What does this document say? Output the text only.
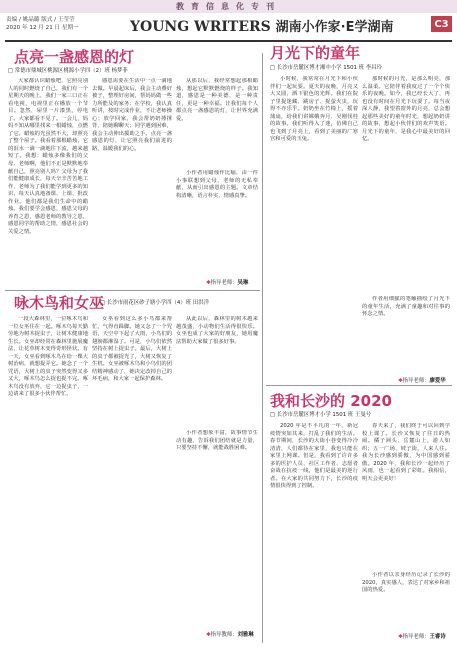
教育信息化专刊
责编 / 姚晶璐 版式 / 王莹莹
2020 年 12 月 21 日 星期一	YOUNG WRITERS 湖南小作家·E学湖南	C3
点亮一盏感恩的灯
□ 常德市鼎城区桃源区桃源小学四（2）班 杨梦菲
大家都认识蜡烛吧，它照亮别人的同时燃烧了自己，我们有一个星期天的晚上，我们一家三口正在看电视，电视里正在播放一个节目。忽然，屋里一片漆黑，停电了。大家都看不见了。一会儿，妈妈不知从哪里找来一根蜡烛，点燃了它。蜡烛的光虽然不大，却照亮了整个屋子。我看着那根蜡烛，它的泪水一滴一滴地往下流，越来越短了。我想：蜡烛多像我们的父母、老师啊，他们不正是默默地奉献自己，照亮别人吗？父母为了我们能健康成长，每天辛辛苦苦地工作，老师为了我们能学到更多的知识，每天认真地备课、上课、批改作业。他们都是我们生命中的蜡烛。我们要学会感恩，感恩父母的养育之恩，感恩老师的教导之恩，感恩同学的帮助之情，感恩社会的关爱之情。
感恩需要在生活中一点一滴地去做。早晨起床后，我会主动叠好被子，整理好房间，帮妈妈做一些力所能及的家务；在学校，我认真听讲，按时完成作业，不让老师操心；放学回家，我会帮奶奶捶捶背，陪她聊聊天；同学遇到困难，我会主动伸出援助之手。点亮一盏感恩的灯，让它照亮我们前进的路，温暖我们的心。
从那以后，我经常想起那根蜡烛，想起它默默燃烧的样子。我知道，感恩是一种美德，是一种责任，更是一种幸福。让我们每个人都点亮一盏感恩的灯，让世界充满爱。
小作者用蜡烛作比喻，由一件小事联想到父母、老师的无私奉献，从而引出感恩的主题。文章结构清晰，语言朴实，情感真挚。
✱指导老师：吴琳
咏木鸟和女巫
□ 长沙市雨花区砂子塘小学四（4）班 田洪洋
一段大森林里，一位啄木鸟和一位女巫住在一起。啄木鸟每天勤劳地为树木捉虫子，让树木健康地生长。女巫却经常在森林里施展魔法，让花草树木变得奇形怪状。有一天，女巫看到啄木鸟在给一棵大树治病，就想捉弄它。她念了一个咒语，大树上的虫子突然变得又多又大，啄木鸟怎么捉也捉不完。啄木鸟没有放弃，它一边捉虫子，一边请来了很多小伙伴帮忙。
女巫看到这么多小鸟都来帮忙，气得直跺脚。她又念了一个咒语，天空中下起了大雨，小鸟们的翅膀都淋湿了。可是，小鸟们依然坚持在树上捉虫子。最后，大树上的虫子都被捉光了，大树又恢复了生机。女巫被啄木鸟和小鸟们的团结精神感动了，她决定改掉自己的坏毛病，和大家一起保护森林。
从此以后，森林里的树木越来越茂盛，小动物们生活得很快乐。女巫也成了大家的好朋友，她用魔法帮助大家做了很多好事。
小作者想象丰富，故事情节生动有趣，告诉我们团结就是力量，只要坚持不懈，就能战胜困难。
✱指导教师：刘雅琳
月光下的童年
□ 长沙市岳麓区博才湘中小学 1501 班 李昌玲
小时候，我常常在月光下和小伙伴们一起玩耍。夏天的夜晚，月亮又大又圆，洒下银色的光辉。我们在院子里捉迷藏、跳房子、捉萤火虫，玩得不亦乐乎。奶奶坐在竹椅上，摇着蒲扇，给我们讲嫦娥奔月、吴刚伐桂的故事。我们听得入了迷，仿佛自己也飞到了月亮上，看到了美丽的广寒宫和可爱的玉兔。
那时候的月光，是那么明亮，那么温柔。它陪伴着我度过了一个个快乐的夜晚。如今，我已经长大了，再也没有时间在月光下玩耍了。每当夜深人静，我望着窗外的月亮，总会想起那些美好的童年时光，想起奶奶讲的故事，想起小伙伴们的欢声笑语。月光下的童年，是我心中最美好的回忆。
作者用细腻的笔触描绘了月光下的童年生活，充满了童趣和对往事的怀念之情。
✱指导老师：廖爱华
我和长沙的 2020
□ 长沙市岳麓区博才小学 1501 班 王曼兮
2020 年是不平凡的一年，新冠疫情突如其来，打乱了我们的生活。春节期间，长沙的大街小巷变得冷冷清清，人们都待在家里，我也只能在家里上网课。但是，我看到了许许多多的医护人员、社区工作者、志愿者奋战在抗疫一线，他们是最美的逆行者。在大家的共同努力下，长沙的疫情很快得到了控制。
春天来了，我们终于可以回到学校上课了。长沙又恢复了往日的热闹。橘子洲头、岳麓山上，游人如织；五一广场、坡子街，人来人往。我为长沙感到骄傲，为中国感到骄傲。2020 年，我和长沙一起经历了风雨，也一起看到了彩虹。我相信，明天会更美好！
小作者以亲身经历记录了长沙的 2020，真实感人，表达了对家乡和祖国的热爱。
✱指导老师：王睿诗
